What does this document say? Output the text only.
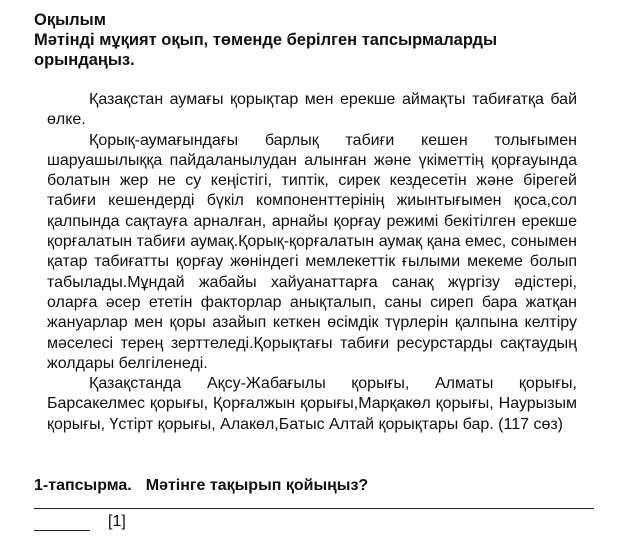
Оқылым
Мәтінді мұқият оқып, төменде берілген тапсырмаларды
орындаңыз.

Қазақстан аумағы қорықтар мен ерекше аймақты табиғатқа бай өлке.

Қорық-аумағындағы барлық табиғи кешен толығымен шаруашылыққа пайдаланылудан алынған және үкіметтің қорғауында болатын жер не су кеңістігі, типтік, сирек кездесетін және бірегей табиғи кешендерді бүкіл компоненттерінің жиынтығымен қоса,сол қалпында сақтауға арналған, арнайы қорғау режимі бекітілген ерекше қорғалатын табиғи аумақ.Қорық-қорғалатын аумақ қана емес, сонымен қатар табиғатты қорғау жөніндегі мемлекеттік ғылыми мекеме болып табылады.Мұндай жабайы хайуанаттарға санақ жүргізу әдістері, оларға әсер ететін факторлар анықталып, саны сиреп бара жатқан жануарлар мен қоры азайып кеткен өсімдік түрлерін қалпына келтіру мәселесі терең зерттеледі.Қорықтағы табиғи ресурстарды сақтаудың жолдары белгіленеді.

Қазақстанда Ақсу-Жабағылы қорығы, Алматы қорығы, Барсакелмес қорығы, Қорғалжын қорығы,Марқакөл қорығы, Наурызым қорығы, Үстірт қорығы, Алакөл,Батыс Алтай қорықтары бар. (117 сөз)

1-тапсырма. Мәтінге тақырып қойыңыз?
[1]
